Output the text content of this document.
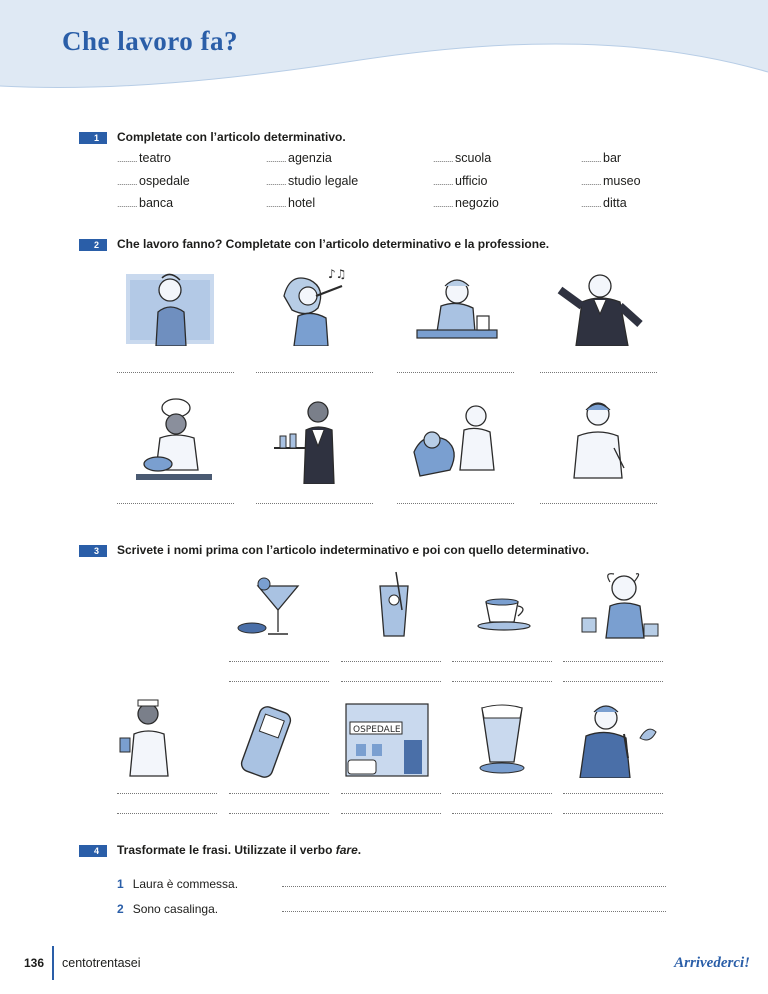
Che lavoro fa?
1	Completate con l’articolo determinativo.
.......... teatro	.......... agenzia	.......... scuola	.......... bar
.......... ospedale	.......... studio legale	.......... ufficio	.......... museo
.......... banca	.......... hotel	.......... negozio	.......... ditta
2	Che lavoro fanno? Completate con l’articolo determinativo e la professione.
♪♫
3	Scrivete i nomi prima con l’articolo indeterminativo e poi con quello determinativo.
OSPEDALE
4	Trasformate le frasi. Utilizzate il verbo fare.
1 Laura è commessa.
2 Sono casalinga.
136 centotrentasei	Arrivederci!
